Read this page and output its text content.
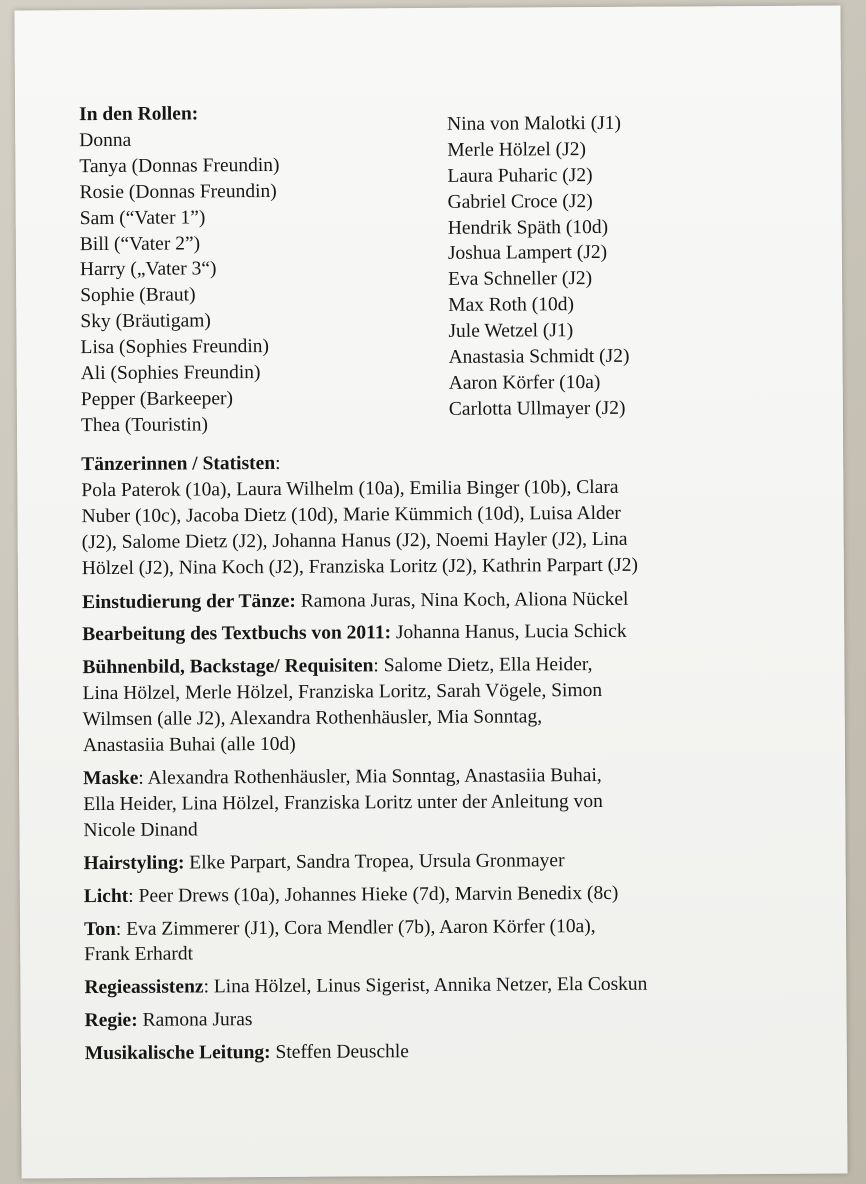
In den Rollen:
Donna
Tanya (Donnas Freundin)
Rosie (Donnas Freundin)
Sam (“Vater 1”)
Bill (“Vater 2”)
Harry („Vater 3“)
Sophie (Braut)
Sky (Bräutigam)
Lisa (Sophies Freundin)
Ali (Sophies Freundin)
Pepper (Barkeeper)
Thea (Touristin)
Nina von Malotki (J1)
Merle Hölzel (J2)
Laura Puharic (J2)
Gabriel Croce (J2)
Hendrik Späth (10d)
Joshua Lampert (J2)
Eva Schneller (J2)
Max Roth (10d)
Jule Wetzel (J1)
Anastasia Schmidt (J2)
Aaron Körfer (10a)
Carlotta Ullmayer (J2)
Tänzerinnen / Statisten:
Pola Paterok (10a), Laura Wilhelm (10a), Emilia Binger (10b), Clara
Nuber (10c), Jacoba Dietz (10d), Marie Kümmich (10d), Luisa Alder
(J2), Salome Dietz (J2), Johanna Hanus (J2), Noemi Hayler (J2), Lina
Hölzel (J2), Nina Koch (J2), Franziska Loritz (J2), Kathrin Parpart (J2)
Einstudierung der Tänze: Ramona Juras, Nina Koch, Aliona Nückel
Bearbeitung des Textbuchs von 2011: Johanna Hanus, Lucia Schick
Bühnenbild, Backstage/ Requisiten: Salome Dietz, Ella Heider,
Lina Hölzel, Merle Hölzel, Franziska Loritz, Sarah Vögele, Simon
Wilmsen (alle J2), Alexandra Rothenhäusler, Mia Sonntag,
Anastasiia Buhai (alle 10d)
Maske: Alexandra Rothenhäusler, Mia Sonntag, Anastasiia Buhai,
Ella Heider, Lina Hölzel, Franziska Loritz unter der Anleitung von
Nicole Dinand
Hairstyling: Elke Parpart, Sandra Tropea, Ursula Gronmayer
Licht: Peer Drews (10a), Johannes Hieke (7d), Marvin Benedix (8c)
Ton: Eva Zimmerer (J1), Cora Mendler (7b), Aaron Körfer (10a),
Frank Erhardt
Regieassistenz: Lina Hölzel, Linus Sigerist, Annika Netzer, Ela Coskun
Regie: Ramona Juras
Musikalische Leitung: Steffen Deuschle
